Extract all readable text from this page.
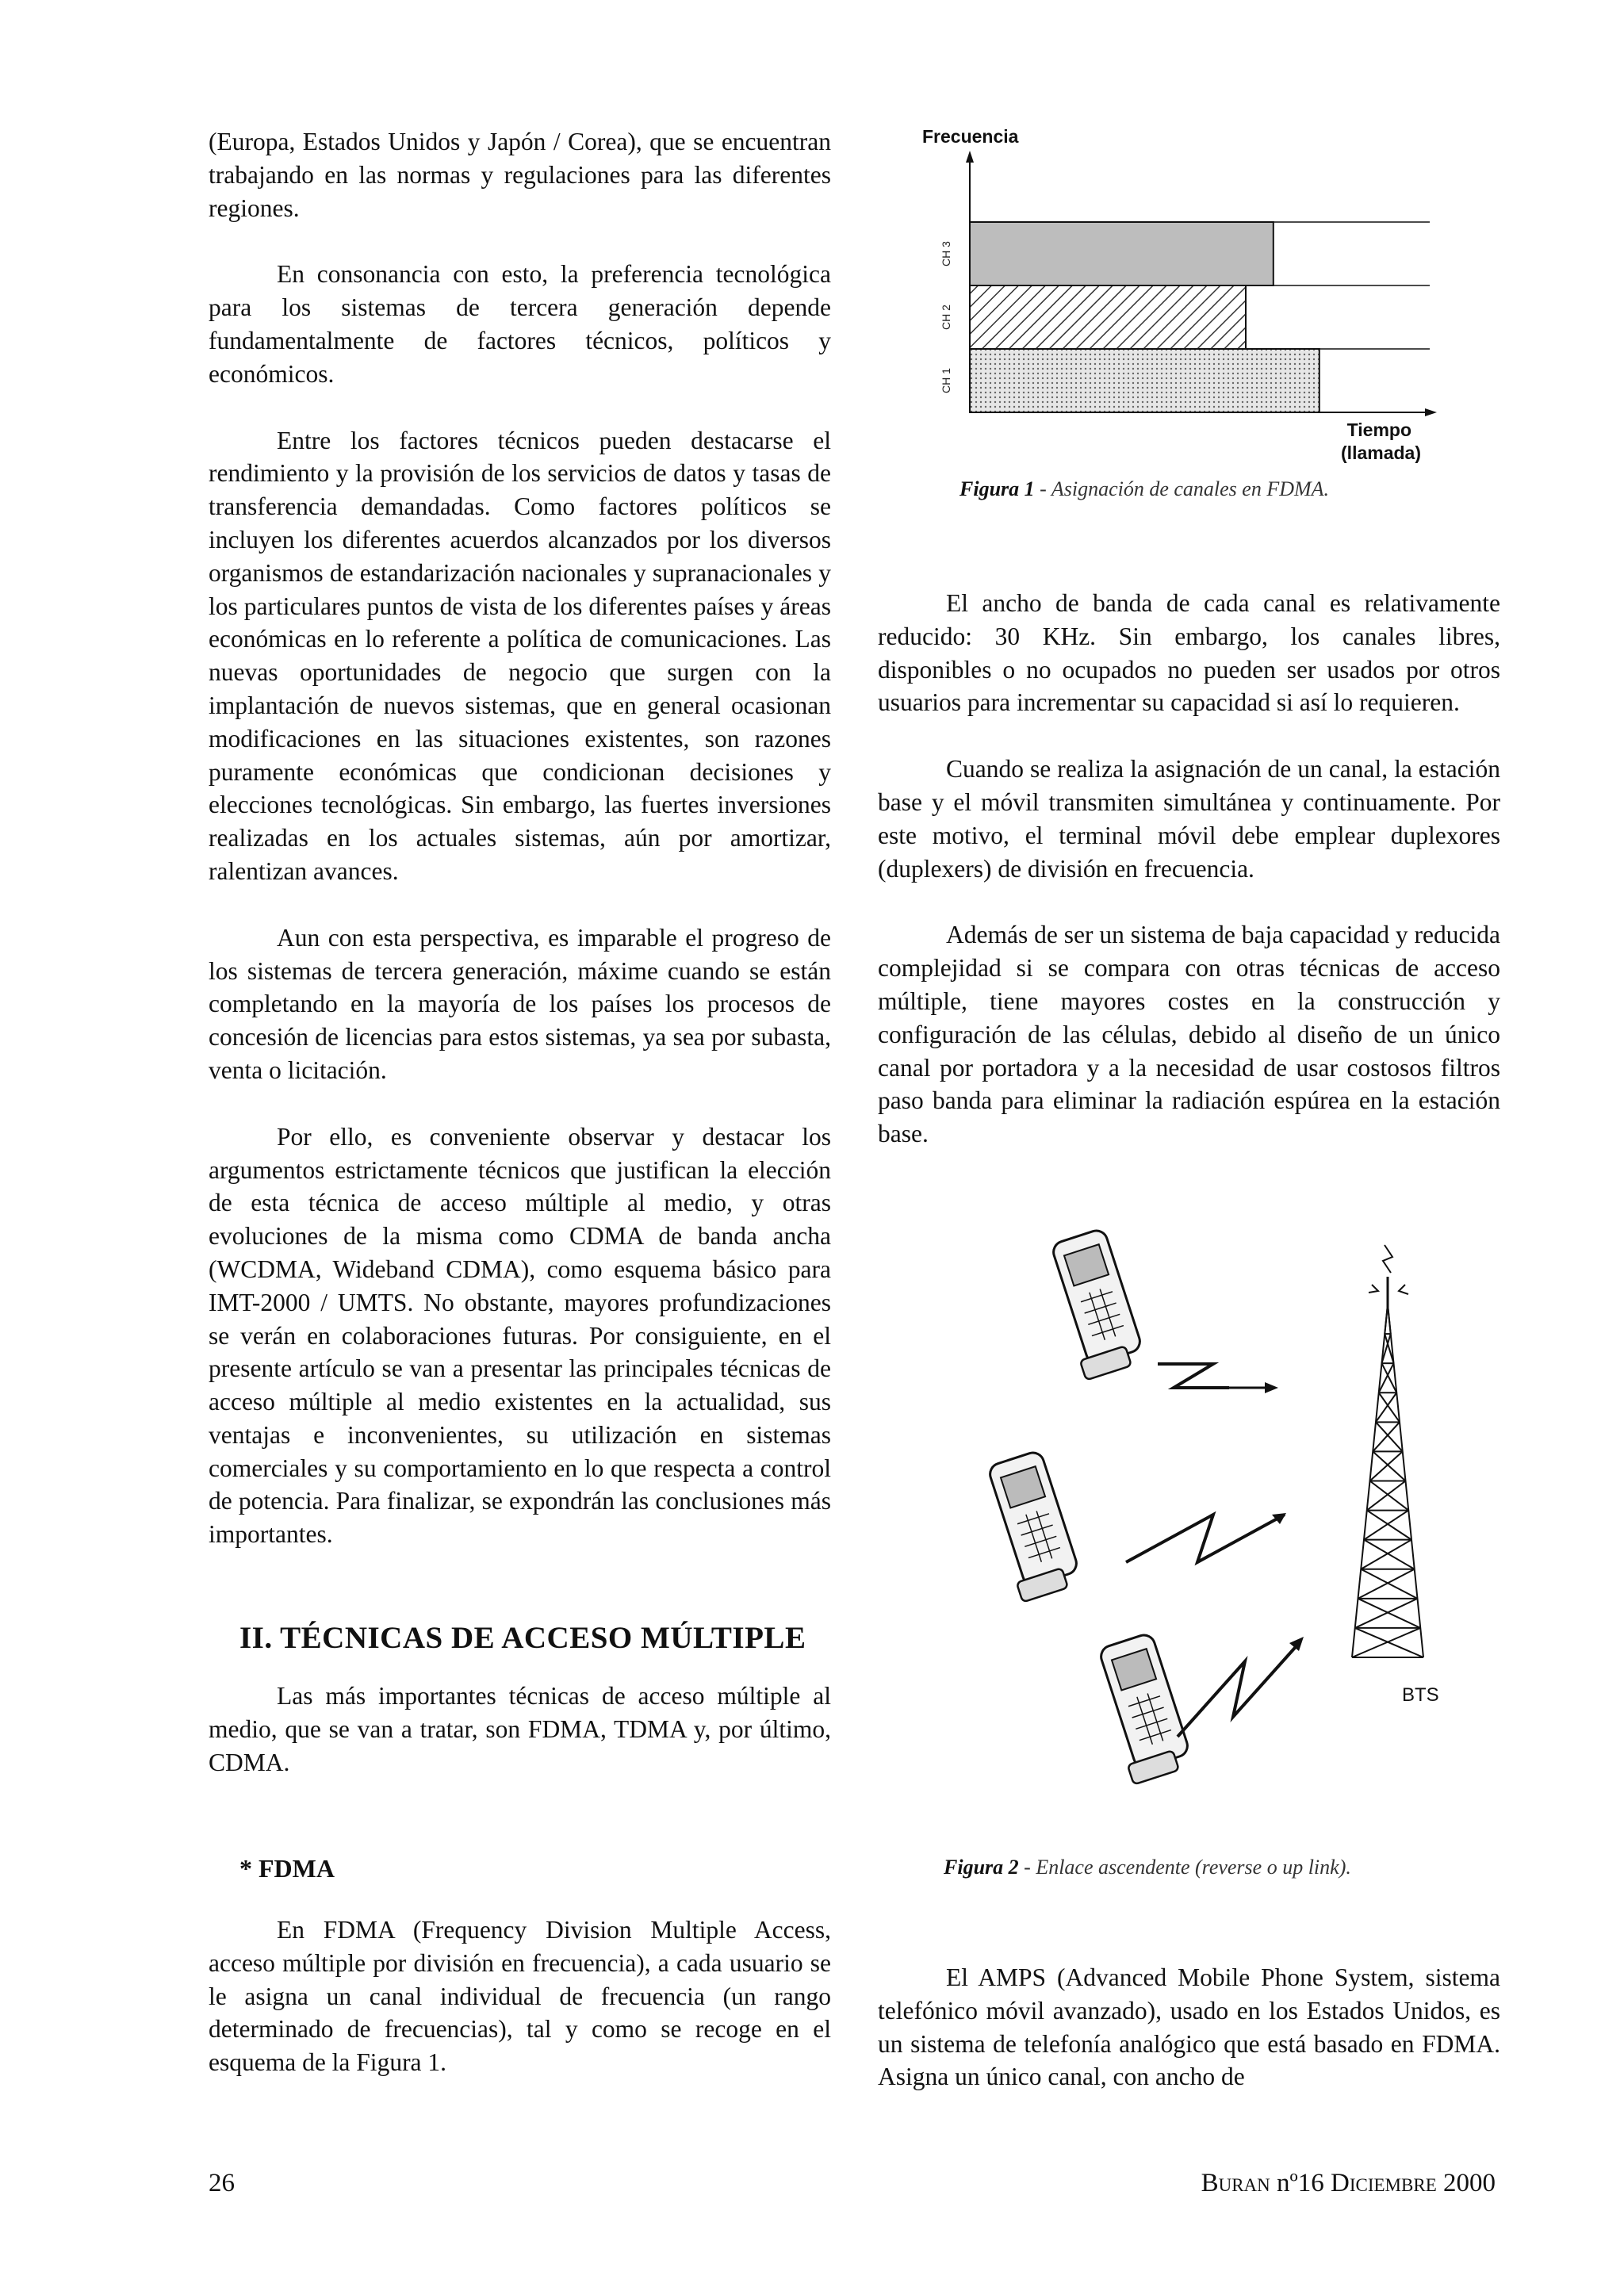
(Europa, Estados Unidos y Japón / Corea), que se encuentran trabajando en las normas y regulaciones para las diferentes regiones.

En consonancia con esto, la preferencia tecnológica para los sistemas de tercera generación depende fundamentalmente de factores técnicos, políticos y económicos.

Entre los factores técnicos pueden destacarse el rendimiento y la provisión de los servicios de datos y tasas de transferencia demandadas. Como factores políticos se incluyen los diferentes acuerdos alcanzados por los diversos organismos de estandarización nacionales y supranacionales y los particulares puntos de vista de los diferentes países y áreas económicas en lo referente a política de comunicaciones. Las nuevas oportunidades de negocio que surgen con la implantación de nuevos sistemas, que en general ocasionan modificaciones en las situaciones existentes, son razones puramente económicas que condicionan decisiones y elecciones tecnológicas. Sin embargo, las fuertes inversiones realizadas en los actuales sistemas, aún por amortizar, ralentizan avances.

Aun con esta perspectiva, es imparable el progreso de los sistemas de tercera generación, máxime cuando se están completando en la mayoría de los países los procesos de concesión de licencias para estos sistemas, ya sea por subasta, venta o licitación.

Por ello, es conveniente observar y destacar los argumentos estrictamente técnicos que justifican la elección de esta técnica de acceso múltiple al medio, y otras evoluciones de la misma como CDMA de banda ancha (WCDMA, Wideband CDMA), como esquema básico para IMT-2000 / UMTS. No obstante, mayores profundizaciones se verán en colaboraciones futuras. Por consiguiente, en el presente artículo se van a presentar las principales técnicas de acceso múltiple al medio existentes en la actualidad, sus ventajas e inconvenientes, su utilización en sistemas comerciales y su comportamiento en lo que respecta a control de potencia. Para finalizar, se expondrán las conclusiones más importantes.

II. TÉCNICAS DE ACCESO MÚLTIPLE

Las más importantes técnicas de acceso múltiple al medio, que se van a tratar, son FDMA, TDMA y, por último, CDMA.

* FDMA

En FDMA (Frequency Division Multiple Access, acceso múltiple por división en frecuencia), a cada usuario se le asigna un canal individual de frecuencia (un rango determinado de frecuencias), tal y como se recoge en el esquema de la Figura 1.

Frecuencia
CH 1
CH 2
CH 3
Tiempo
(llamada)
Figura 1 - Asignación de canales en FDMA.

El ancho de banda de cada canal es relativamente reducido: 30 KHz. Sin embargo, los canales libres, disponibles o no ocupados no pueden ser usados por otros usuarios para incrementar su capacidad si así lo requieren.

Cuando se realiza la asignación de un canal, la estación base y el móvil transmiten simultánea y continuamente. Por este motivo, el terminal móvil debe emplear duplexores (duplexers) de división en frecuencia.

Además de ser un sistema de baja capacidad y reducida complejidad si se compara con otras técnicas de acceso múltiple, tiene mayores costes en la construcción y configuración de las células, debido al diseño de un único canal por portadora y a la necesidad de usar costosos filtros paso banda para eliminar la radiación espúrea en la estación base.

BTS
Figura 2 - Enlace ascendente (reverse o up link).

El AMPS (Advanced Mobile Phone System, sistema telefónico móvil avanzado), usado en los Estados Unidos, es un sistema de telefonía analógico que está basado en FDMA. Asigna un único canal, con ancho de

26	Buran nº16 Diciembre 2000
